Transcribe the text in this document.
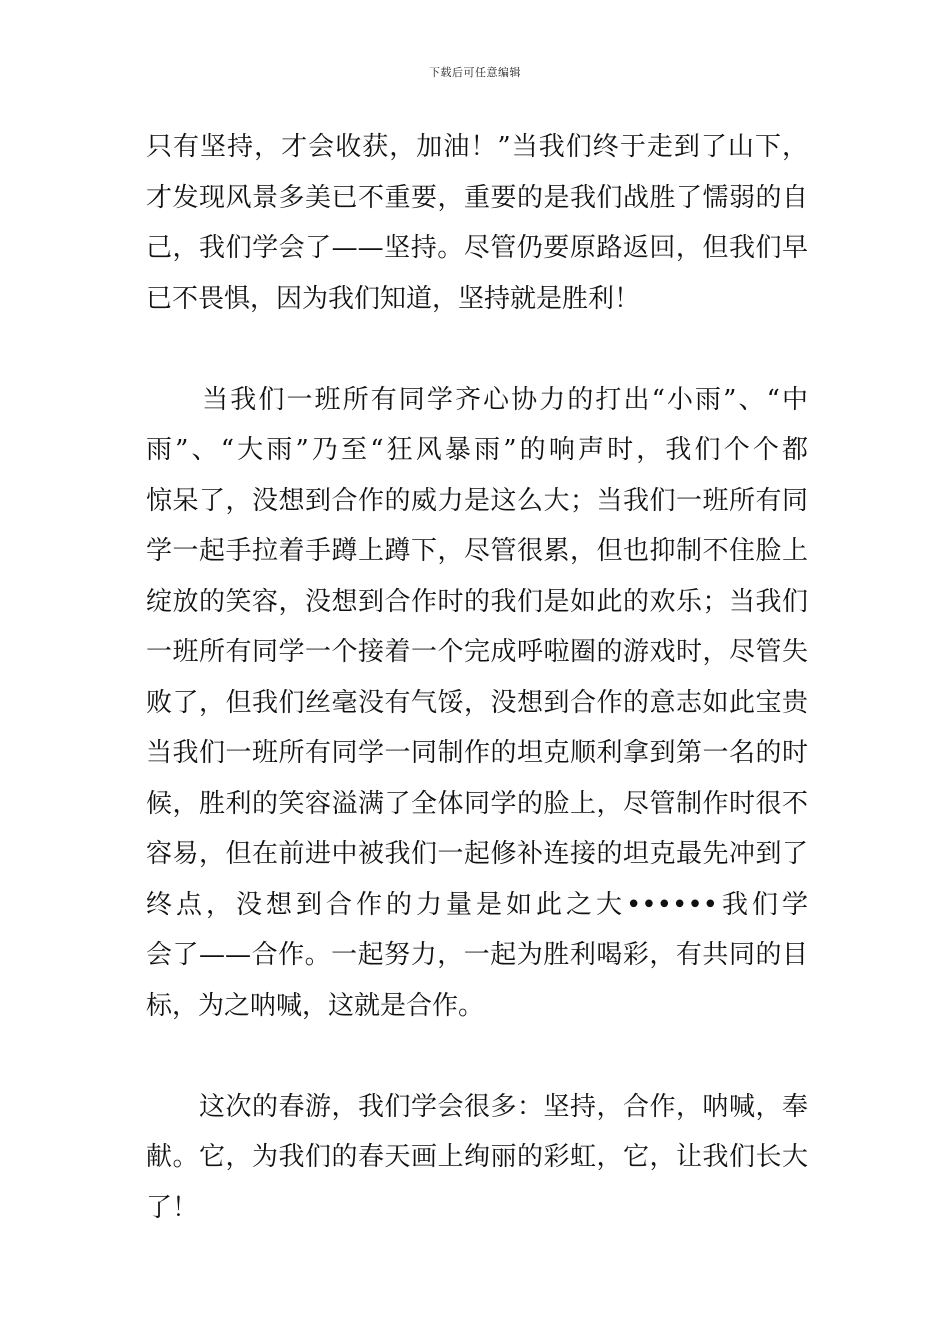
下载后可任意编辑
只有坚持，才会收获，加油！”当我们终于走到了山下，
才发现风景多美已不重要，重要的是我们战胜了懦弱的自
己，我们学会了——坚持。尽管仍要原路返回，但我们早
已不畏惧，因为我们知道，坚持就是胜利！
　　当我们一班所有同学齐心协力的打出“小雨”、“中
雨”、“大雨”乃至“狂风暴雨”的响声时，我们个个都
惊呆了，没想到合作的威力是这么大；当我们一班所有同
学一起手拉着手蹲上蹲下，尽管很累，但也抑制不住脸上
绽放的笑容，没想到合作时的我们是如此的欢乐；当我们
一班所有同学一个接着一个完成呼啦圈的游戏时，尽管失
败了，但我们丝毫没有气馁，没想到合作的意志如此宝贵
当我们一班所有同学一同制作的坦克顺利拿到第一名的时
候，胜利的笑容溢满了全体同学的脸上，尽管制作时很不
容易，但在前进中被我们一起修补连接的坦克最先冲到了
终点，没想到合作的力量是如此之大••••••我们学
会了——合作。一起努力，一起为胜利喝彩，有共同的目
标，为之呐喊，这就是合作。
　　这次的春游，我们学会很多：坚持，合作，呐喊，奉
献。它，为我们的春天画上绚丽的彩虹，它，让我们长大
了！
